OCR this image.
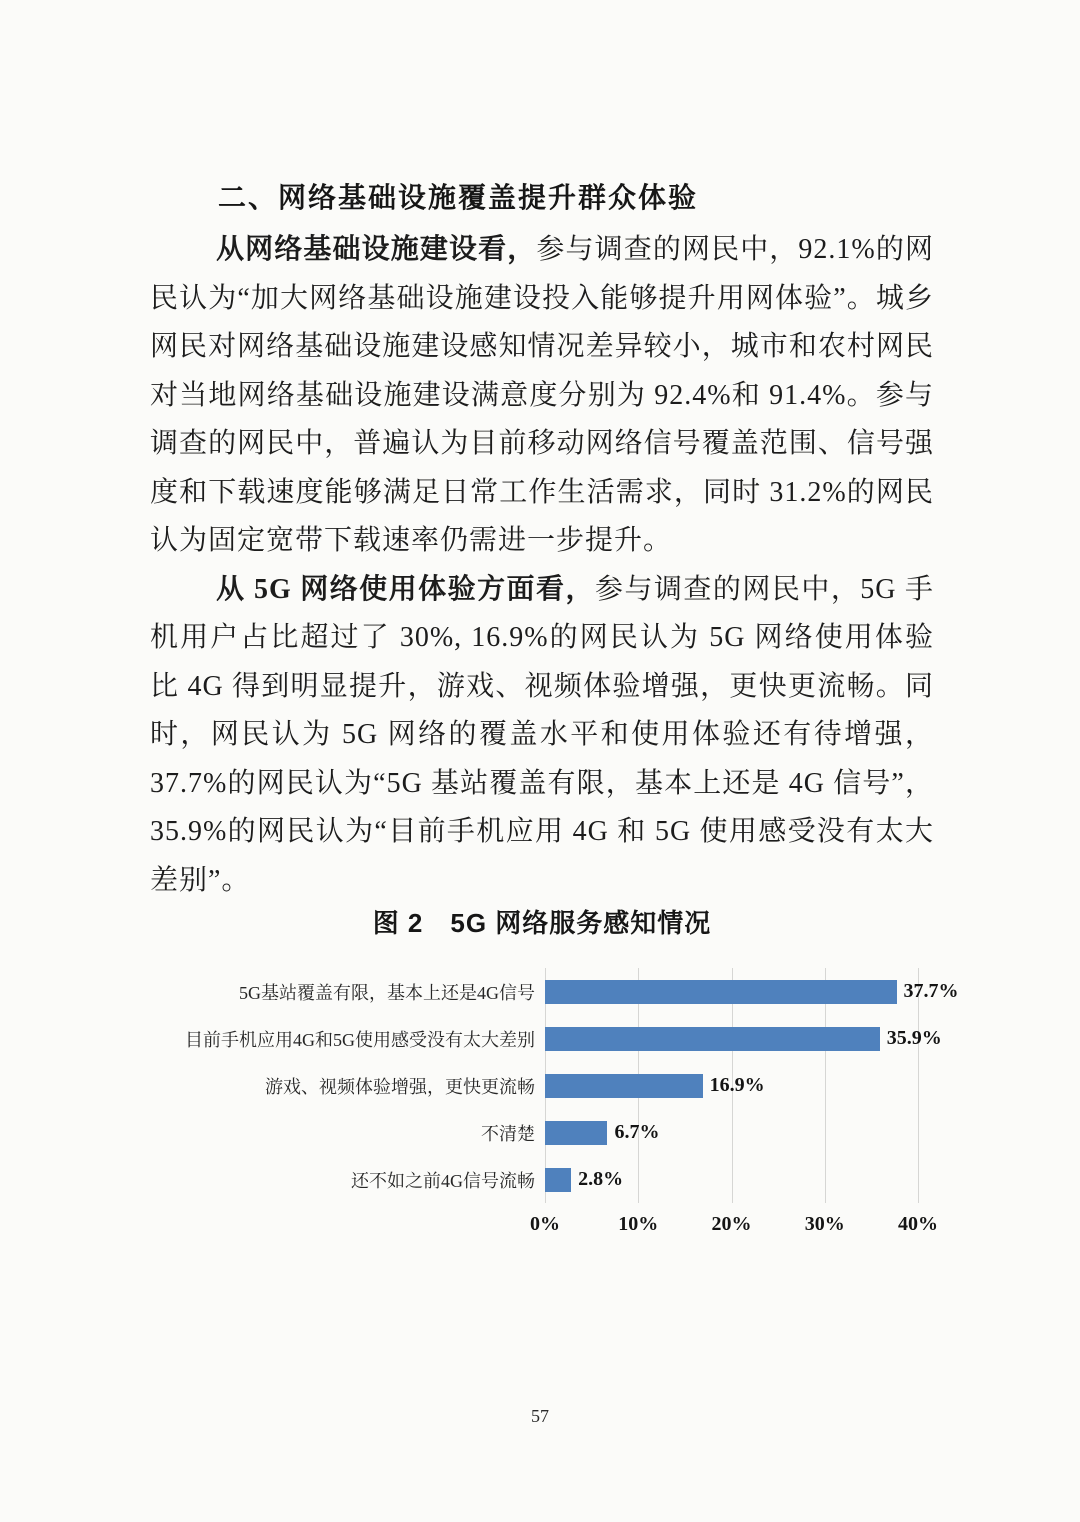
二、网络基础设施覆盖提升群众体验

从网络基础设施建设看，参与调查的网民中，92.1%的网民认为“加大网络基础设施建设投入能够提升用网体验”。城乡网民对网络基础设施建设感知情况差异较小，城市和农村网民对当地网络基础设施建设满意度分别为 92.4%和 91.4%。参与调查的网民中，普遍认为目前移动网络信号覆盖范围、信号强度和下载速度能够满足日常工作生活需求，同时 31.2%的网民认为固定宽带下载速率仍需进一步提升。

从 5G 网络使用体验方面看，参与调查的网民中，5G 手机用户占比超过了 30%, 16.9%的网民认为 5G 网络使用体验比 4G 得到明显提升，游戏、视频体验增强，更快更流畅。同时，网民认为 5G 网络的覆盖水平和使用体验还有待增强，37.7%的网民认为“5G 基站覆盖有限，基本上还是 4G 信号”，35.9%的网民认为“目前手机应用 4G 和 5G 使用感受没有太大差别”。

图 2　5G 网络服务感知情况
5G基站覆盖有限，基本上还是4G信号	37.7%
目前手机应用4G和5G使用感受没有太大差别	35.9%
游戏、视频体验增强，更快更流畅	16.9%
不清楚	6.7%
还不如之前4G信号流畅	2.8%
0%	10%	20%	30%	40%
57
